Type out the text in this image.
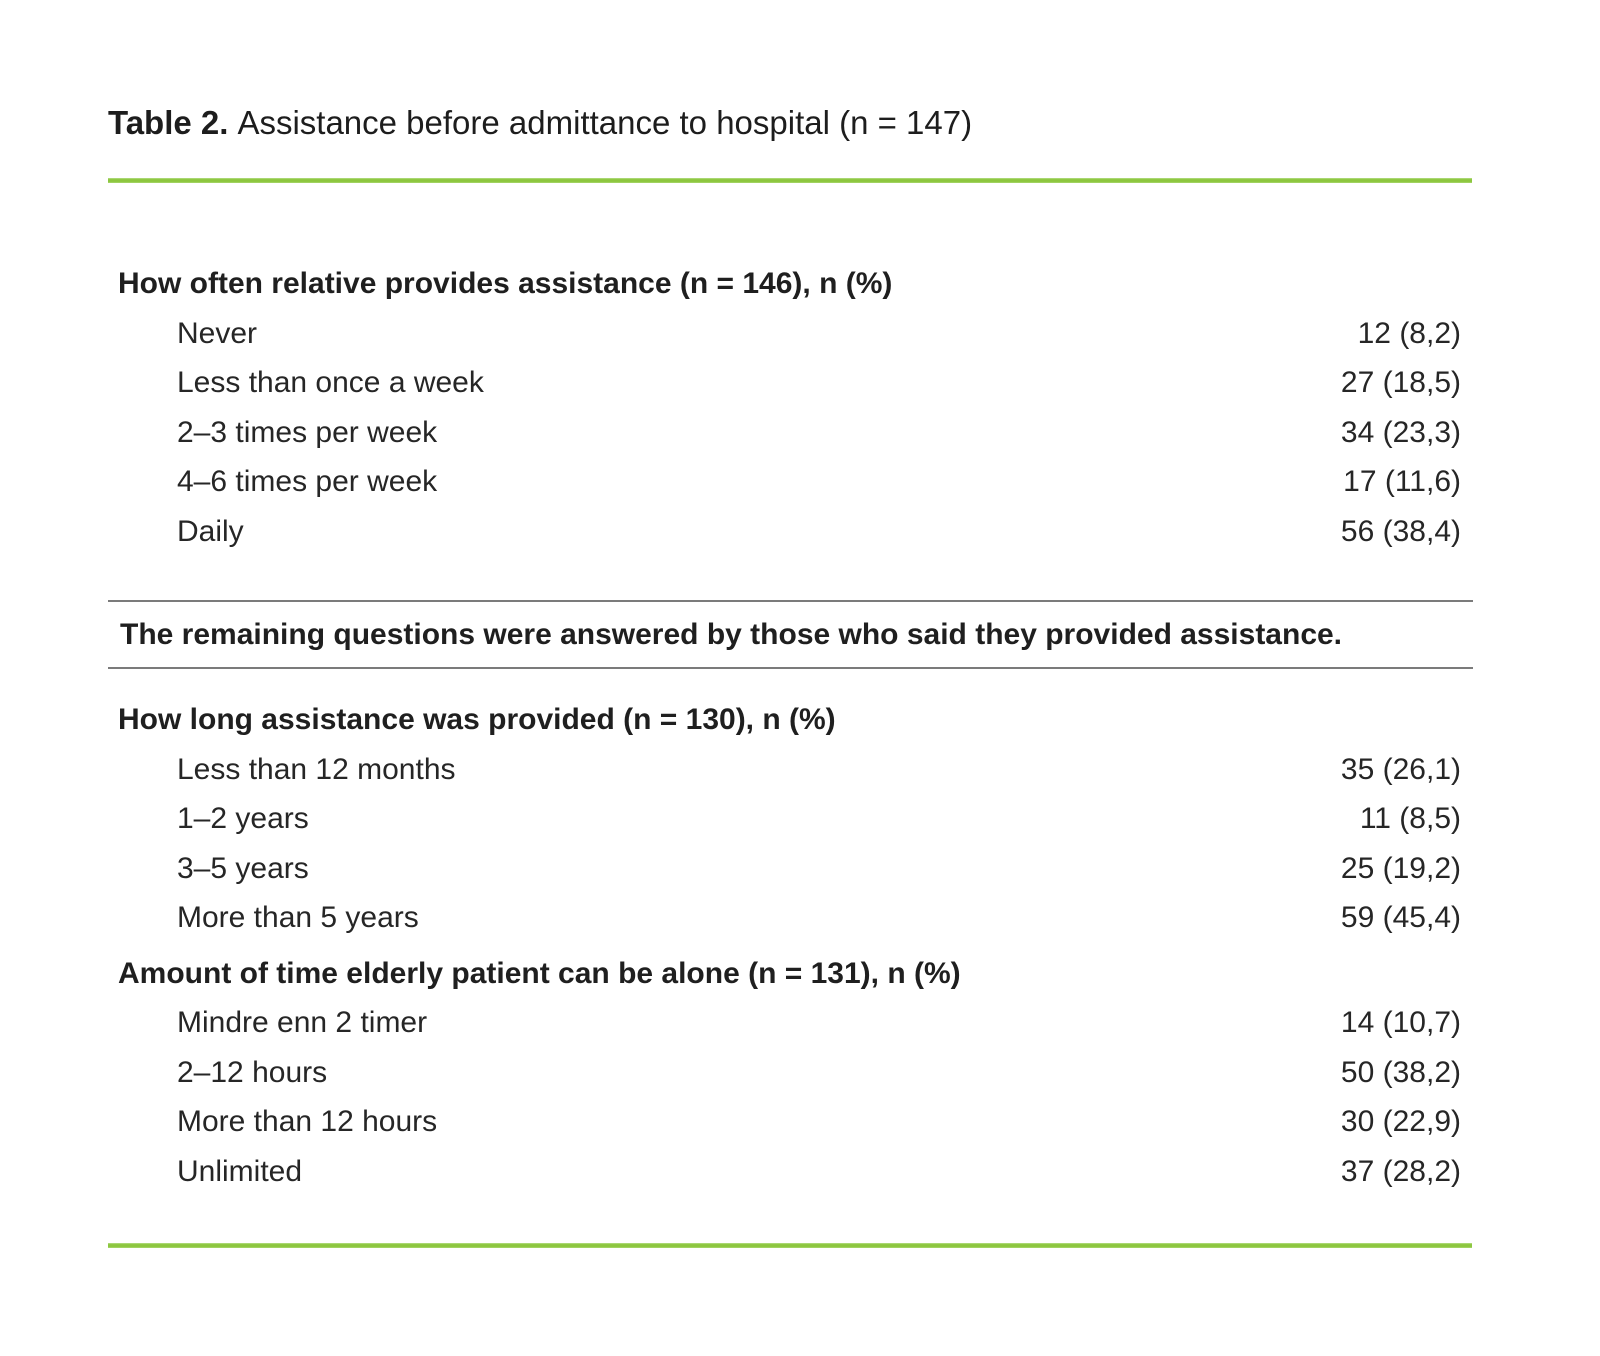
Table 2. Assistance before admittance to hospital (n = 147)
How often relative provides assistance (n = 146), n (%)
Never	12 (8,2)
Less than once a week	27 (18,5)
2–3 times per week	34 (23,3)
4–6 times per week	17 (11,6)
Daily	56 (38,4)
The remaining questions were answered by those who said they provided assistance.
How long assistance was provided (n = 130), n (%)
Less than 12 months	35 (26,1)
1–2 years	11 (8,5)
3–5 years	25 (19,2)
More than 5 years	59 (45,4)
Amount of time elderly patient can be alone (n = 131), n (%)
Mindre enn 2 timer	14 (10,7)
2–12 hours	50 (38,2)
More than 12 hours	30 (22,9)
Unlimited	37 (28,2)
